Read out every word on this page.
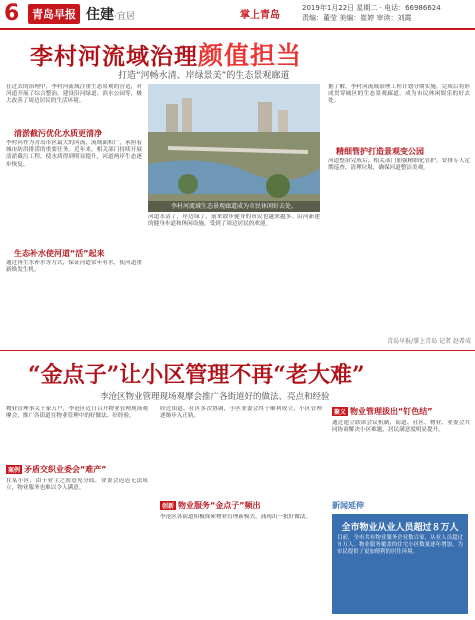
6	青岛早报 住建·宜居	掌上青岛
2019年1月22日 星期二 · 电话：66986624
责编：董莹 美编：崔婷 审读：刘霞
李村河流域治理颜值担当
打造“河畅水清、岸绿景美”的生态景观廊道
在过去的治理中，李村河流域注重生态景观的营造，对河道开展了综合整治，建设沿河绿道、滨水公园等，极大改善了周边居民的生活环境。
清淤截污优化水质更清净
李村河作为青岛市区最大的河流，流域面积广，承担着城市防洪排涝的重要任务。近年来，相关部门持续开展清淤截污工程，使水质得到明显提升，河道两岸生态逐步恢复。
生态补水使河道“活”起来
通过再生水补水等方式，保证河道常年有水，使河道重新焕发生机。
李村河流域生态景观廊道成为市民休闲好去处。
河道水清了，岸边绿了，前来散步健身的市民也越来越多。沿河新建的健身步道和休闲设施，受到了周边居民的欢迎。
据了解，李村河流域治理工程计划分期实施，完成后将形成贯穿城区的生态景观廊道，成为市民休闲娱乐的好去处。
精细管护打造景观变公园
河道整治完成后，相关部门加强精细化管护，安排专人定期巡查、清理垃圾，确保河道整洁美观。
青岛早报/掌上青岛 记者 赵希成
“金点子”让小区管理不再“老大难”
李沧区物业管理现场观摩会推广各街道好的做法、亮点和经验
物业管理事关千家万户，李沧区近日召开物业管理现场观摩会，推广各街道在物业管理中的好做法、好经验。
案例 矛盾交织业委会“难产”
在某小区，由于业主之间意见分歧，业委会迟迟无法成立，物业服务也难以令人满意。
经过街道、社区多次协调，小区业委会终于顺利成立，小区管理逐渐步入正轨。
创新 物业服务“金点子”频出
李沧区各街道积极探索物业管理新模式，涌现出一批好做法。
聚义 物业管理拔出“钉色结”
通过建立联席会议机制，街道、社区、物业、业委会共同协商解决小区难题，居民满意度明显提升。
新闻延伸
全市物业从业人员超过８万人
目前，全市共有物业服务企业数百家，从业人员超过８万人。物业服务覆盖的住宅小区数量逐年增加，为市民提供了更加便利的居住环境。
